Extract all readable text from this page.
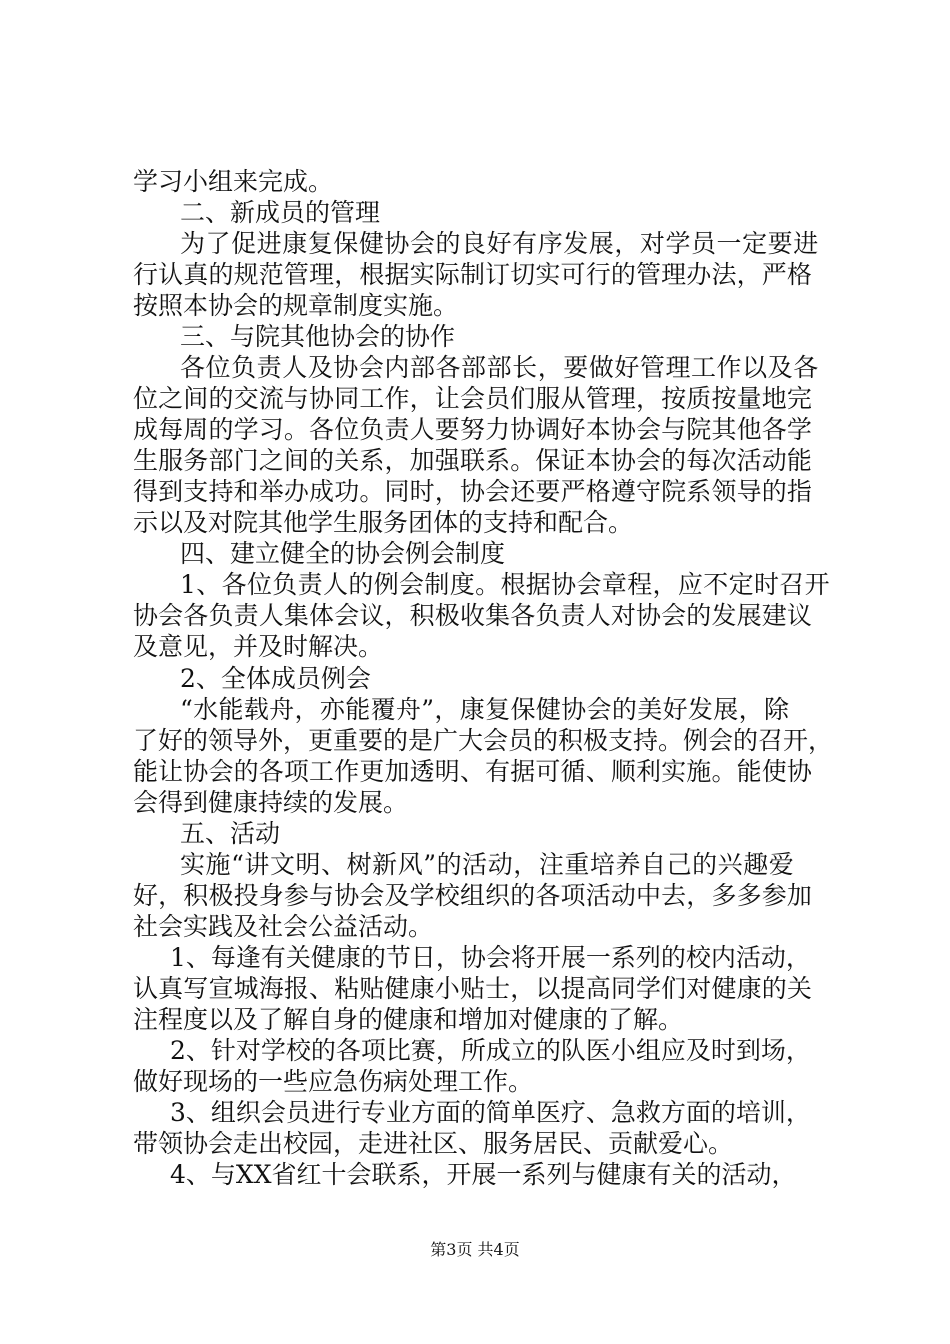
学习小组来完成。
二、新成员的管理
为了促进康复保健协会的良好有序发展，对学员一定要进
行认真的规范管理，根据实际制订切实可行的管理办法，严格
按照本协会的规章制度实施。
三、与院其他协会的协作
各位负责人及协会内部各部部长，要做好管理工作以及各
位之间的交流与协同工作，让会员们服从管理，按质按量地完
成每周的学习。各位负责人要努力协调好本协会与院其他各学
生服务部门之间的关系，加强联系。保证本协会的每次活动能
得到支持和举办成功。同时，协会还要严格遵守院系领导的指
示以及对院其他学生服务团体的支持和配合。
四、建立健全的协会例会制度
1、各位负责人的例会制度。根据协会章程，应不定时召开
协会各负责人集体会议，积极收集各负责人对协会的发展建议
及意见，并及时解决。
2、全体成员例会
“水能载舟，亦能覆舟”，康复保健协会的美好发展，除
了好的领导外，更重要的是广大会员的积极支持。例会的召开，
能让协会的各项工作更加透明、有据可循、顺利实施。能使协
会得到健康持续的发展。
五、活动
实施“讲文明、树新风”的活动，注重培养自己的兴趣爱
好，积极投身参与协会及学校组织的各项活动中去，多多参加
社会实践及社会公益活动。
1、每逢有关健康的节日，协会将开展一系列的校内活动，
认真写宣城海报、粘贴健康小贴士，以提高同学们对健康的关
注程度以及了解自身的健康和增加对健康的了解。
2、针对学校的各项比赛，所成立的队医小组应及时到场，
做好现场的一些应急伤病处理工作。
3、组织会员进行专业方面的简单医疗、急救方面的培训，
带领协会走出校园，走进社区、服务居民、贡献爱心。
4、与XX省红十会联系，开展一系列与健康有关的活动，
第3页 共4页
